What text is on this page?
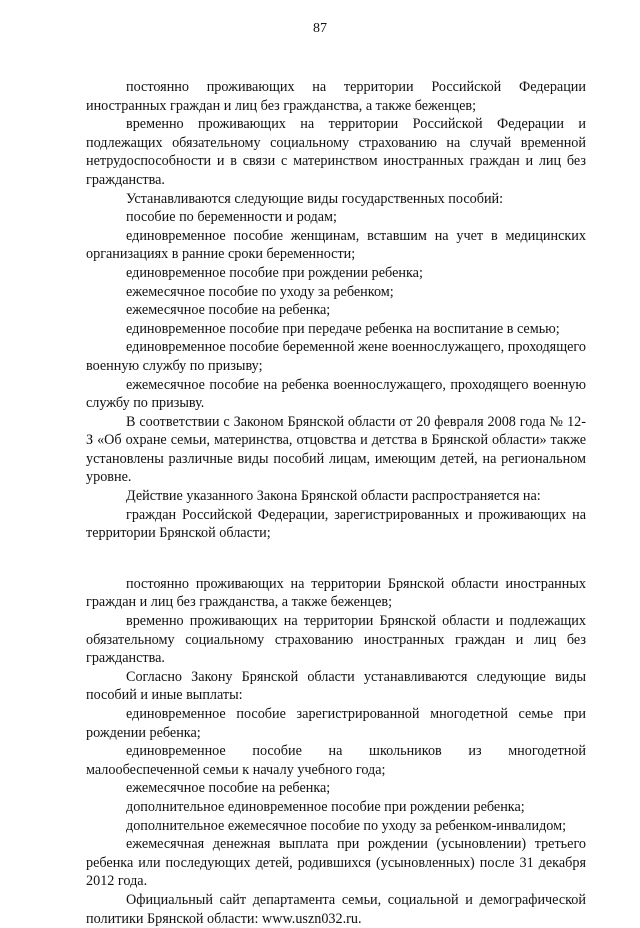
87

постоянно проживающих на территории Российской Федерации иностранных граждан и лиц без гражданства, а также беженцев;

временно проживающих на территории Российской Федерации и подлежащих обязательному социальному страхованию на случай временной нетрудоспособности и в связи с материнством иностранных граждан и лиц без гражданства.

Устанавливаются следующие виды государственных пособий:

пособие по беременности и родам;

единовременное пособие женщинам, вставшим на учет в медицинских организациях в ранние сроки беременности;

единовременное пособие при рождении ребенка;

ежемесячное пособие по уходу за ребенком;

ежемесячное пособие на ребенка;

единовременное пособие при передаче ребенка на воспитание в семью;

единовременное пособие беременной жене военнослужащего, проходящего военную службу по призыву;

ежемесячное пособие на ребенка военнослужащего, проходящего военную службу по призыву.

В соответствии с Законом Брянской области от 20 февраля 2008 года № 12-З «Об охране семьи, материнства, отцовства и детства в Брянской области» также установлены различные виды пособий лицам, имеющим детей, на региональном уровне.

Действие указанного Закона Брянской области распространяется на:

граждан Российской Федерации, зарегистрированных и проживающих на территории Брянской области;

постоянно проживающих на территории Брянской области иностранных граждан и лиц без гражданства, а также беженцев;

временно проживающих на территории Брянской области и подлежащих обязательному социальному страхованию иностранных граждан и лиц без гражданства.

Согласно Закону Брянской области устанавливаются следующие виды пособий и иные выплаты:

единовременное пособие зарегистрированной многодетной семье при рождении ребенка;

единовременное пособие на школьников из многодетной малообеспеченной семьи к началу учебного года;

ежемесячное пособие на ребенка;

дополнительное единовременное пособие при рождении ребенка;

дополнительное ежемесячное пособие по уходу за ребенком-инвалидом;

ежемесячная денежная выплата при рождении (усыновлении) третьего ребенка или последующих детей, родившихся (усыновленных) после 31 декабря 2012 года.

Официальный сайт департамента семьи, социальной и демографической политики Брянской области: www.uszn032.ru.
